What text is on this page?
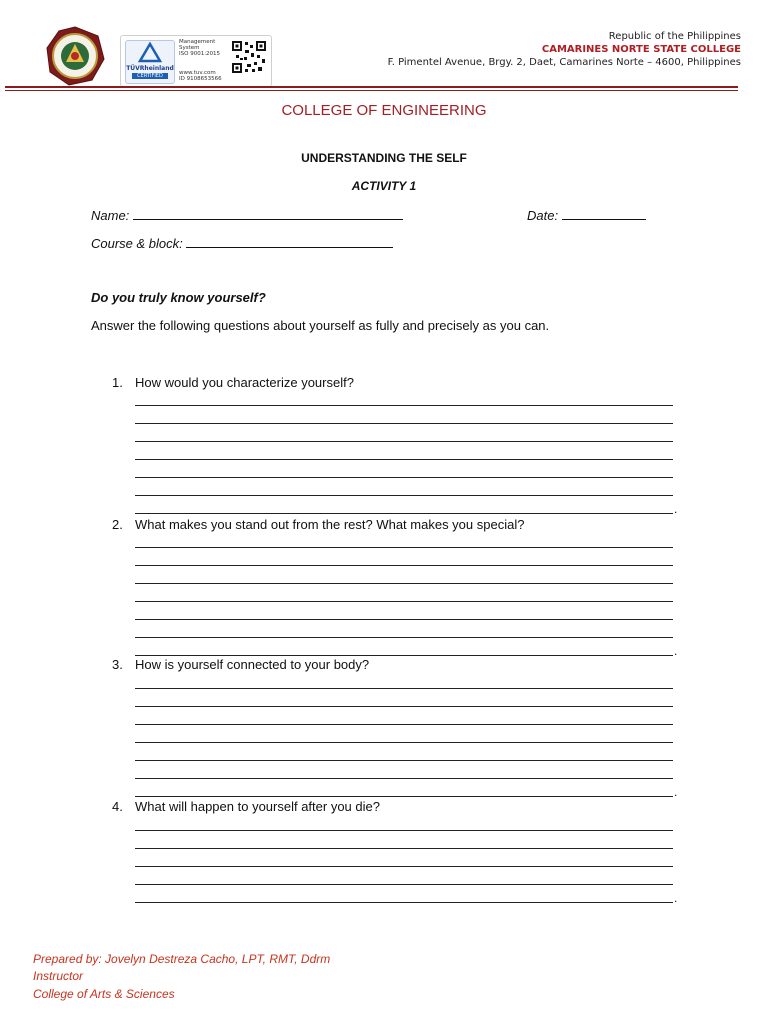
TÜVRheinland
CERTIFIED
Management
System
ISO 9001:2015
www.tuv.com
ID 9108653566
Republic of the Philippines
CAMARINES NORTE STATE COLLEGE
F. Pimentel Avenue, Brgy. 2, Daet, Camarines Norte – 4600, Philippines
COLLEGE OF ENGINEERING
UNDERSTANDING THE SELF
ACTIVITY 1
Name:	Date:
Course & block:
Do you truly know yourself?
Answer the following questions about yourself as fully and precisely as you can.
1. How would you characterize yourself?
.
2. What makes you stand out from the rest? What makes you special?
.
3. How is yourself connected to your body?
.
4. What will happen to yourself after you die?
.
Prepared by: Jovelyn Destreza Cacho, LPT, RMT, Ddrm
Instructor
College of Arts & Sciences
